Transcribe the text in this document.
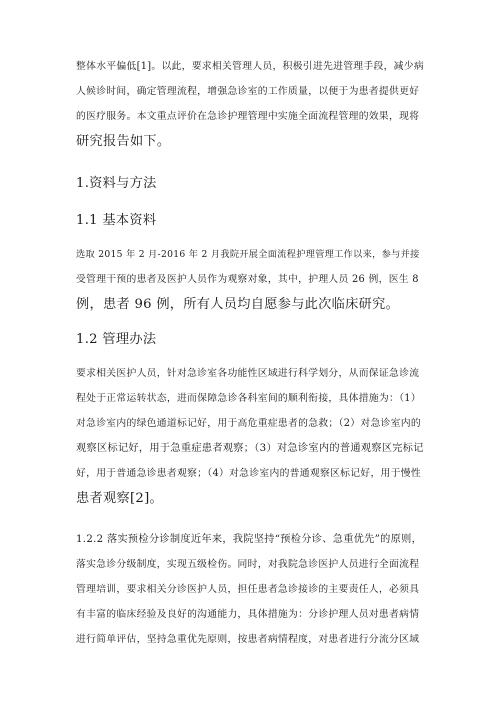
整体水平偏低[1]。以此，要求相关管理人员，积极引进先进管理手段，减少病
人候诊时间，确定管理流程，增强急诊室的工作质量，以便于为患者提供更好
的医疗服务。本文重点评价在急诊护理管理中实施全面流程管理的效果，现将
研究报告如下。
1.资料与方法
1.1 基本资料
选取 2015 年 2 月-2016 年 2 月我院开展全面流程护理管理工作以来，参与并接
受管理干预的患者及医护人员作为观察对象，其中，护理人员 26 例，医生 8
例，患者 96 例，所有人员均自愿参与此次临床研究。
1.2 管理办法
要求相关医护人员，针对急诊室各功能性区域进行科学划分，从而保证急诊流
程处于正常运转状态，进而保障急诊各科室间的顺利衔接，具体措施为：（1）
对急诊室内的绿色通道标记好，用于高危重症患者的急救；（2）对急诊室内的
观察区标记好，用于急重症患者观察；（3）对急诊室内的普通观察区完标记
好，用于普通急诊患者观察；（4）对急诊室内的普通观察区标记好，用于慢性
患者观察[2]。
1.2.2 落实预检分诊制度近年来，我院坚持“预检分诊、急重优先”的原则，
落实急诊分级制度，实现五级检伤。同时，对我院急诊医护人员进行全面流程
管理培训，要求相关分诊医护人员，担任患者急诊接诊的主要责任人，必须具
有丰富的临床经验及良好的沟通能力，具体措施为：分诊护理人员对患者病情
进行简单评估，坚持急重优先原则，按患者病情程度，对患者进行分流分区域
